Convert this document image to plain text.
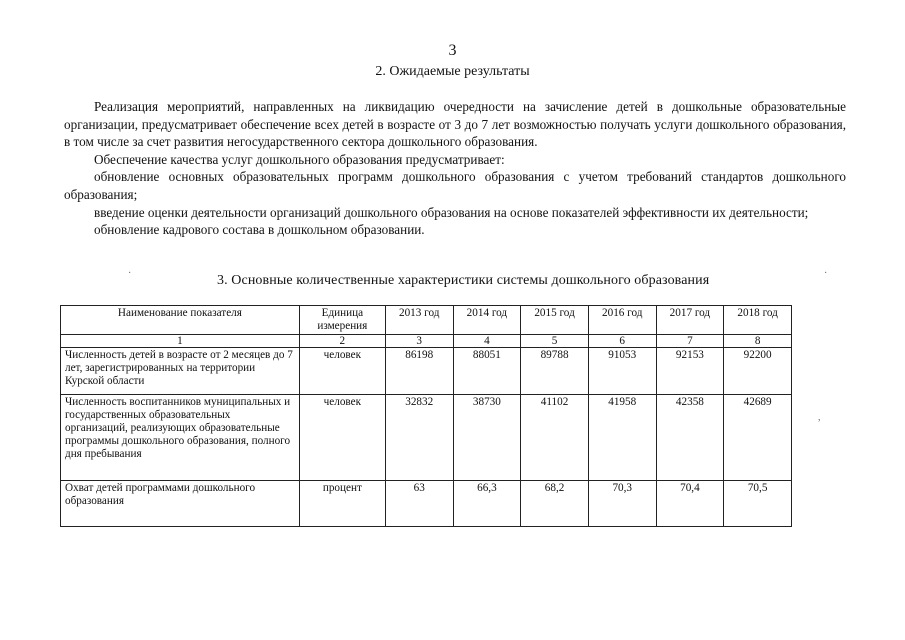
3
2. Ожидаемые результаты

Реализация мероприятий, направленных на ликвидацию очередности на зачисление детей в дошкольные образовательные организации, предусматривает обеспечение всех детей в возрасте от 3 до 7 лет возможностью получать услуги дошкольного образования, в том числе за счет развития негосударственного сектора дошкольного образования.

Обеспечение качества услуг дошкольного образования предусматривает:

обновление основных образовательных программ дошкольного образования с учетом требований стандартов дошкольного образования;

введение оценки деятельности организаций дошкольного образования на основе показателей эффективности их деятельности;

обновление кадрового состава в дошкольном образовании.

3. Основные количественные характеристики системы дошкольного образования
·	·
,
Наименование показателя	Единица измерения	2013 год	2014 год	2015 год	2016 год	2017 год	2018 год
1	2	3	4	5	6	7	8
Численность детей в возрасте от 2 месяцев до 7 лет, зарегистрированных на территории Курской области	человек	86198	88051	89788	91053	92153	92200
Численность воспитанников муниципальных и государственных образовательных организаций, реализующих образовательные программы дошкольного образования, полного дня пребывания	человек	32832	38730	41102	41958	42358	42689
Охват детей программами дошкольного образования	процент	63	66,3	68,2	70,3	70,4	70,5
